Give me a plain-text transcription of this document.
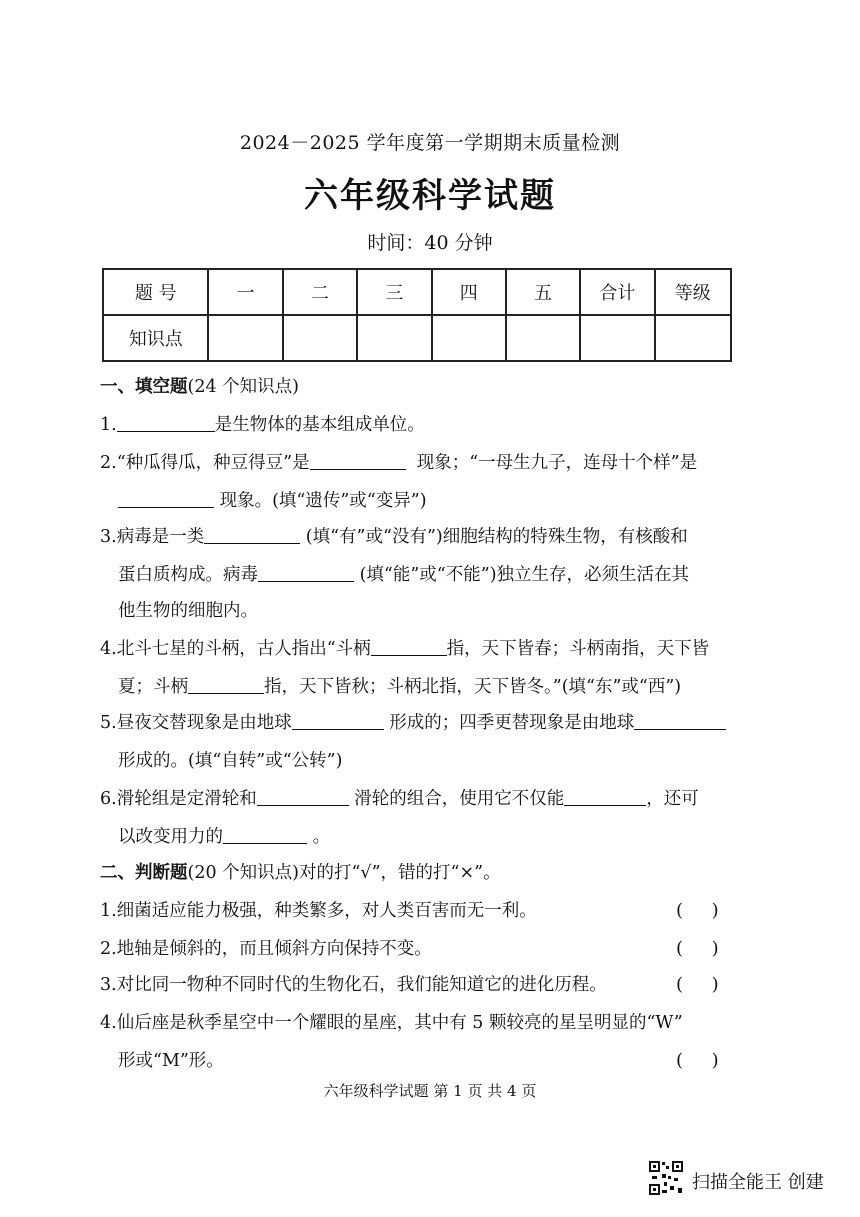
2024－2025 学年度第一学期期末质量检测
六年级科学试题
时间：40 分钟
题 号	一	二	三	四	五	合计	等级
知识点							
一、填空题(24 个知识点)
1.	是生物体的基本组成单位。
2.“种瓜得瓜，种豆得豆”是	现象；“一母生九子，连母十个样”是
现象。(填“遗传”或“变异”)
3.病毒是一类	(填“有”或“没有”)细胞结构的特殊生物，有核酸和
蛋白质构成。病毒	(填“能”或“不能”)独立生存，必须生活在其
他生物的细胞内。
4.北斗七星的斗柄，古人指出“斗柄	指，天下皆春；斗柄南指，天下皆
夏；斗柄	指，天下皆秋；斗柄北指，天下皆冬。”(填“东”或“西”)
5.昼夜交替现象是由地球	形成的；四季更替现象是由地球
形成的。(填“自转”或“公转”)
6.滑轮组是定滑轮和	滑轮的组合，使用它不仅能	，还可
以改变用力的	。
二、判断题(20 个知识点)对的打“√”，错的打“×”。
1.细菌适应能力极强，种类繁多，对人类百害而无一利。	(     )
2.地轴是倾斜的，而且倾斜方向保持不变。	(     )
3.对比同一物种不同时代的生物化石，我们能知道它的进化历程。	(     )
4.仙后座是秋季星空中一个耀眼的星座，其中有 5 颗较亮的星呈明显的“W”
形或“M”形。	(     )
六年级科学试题 第 1 页 共 4 页
扫描全能王 创建
